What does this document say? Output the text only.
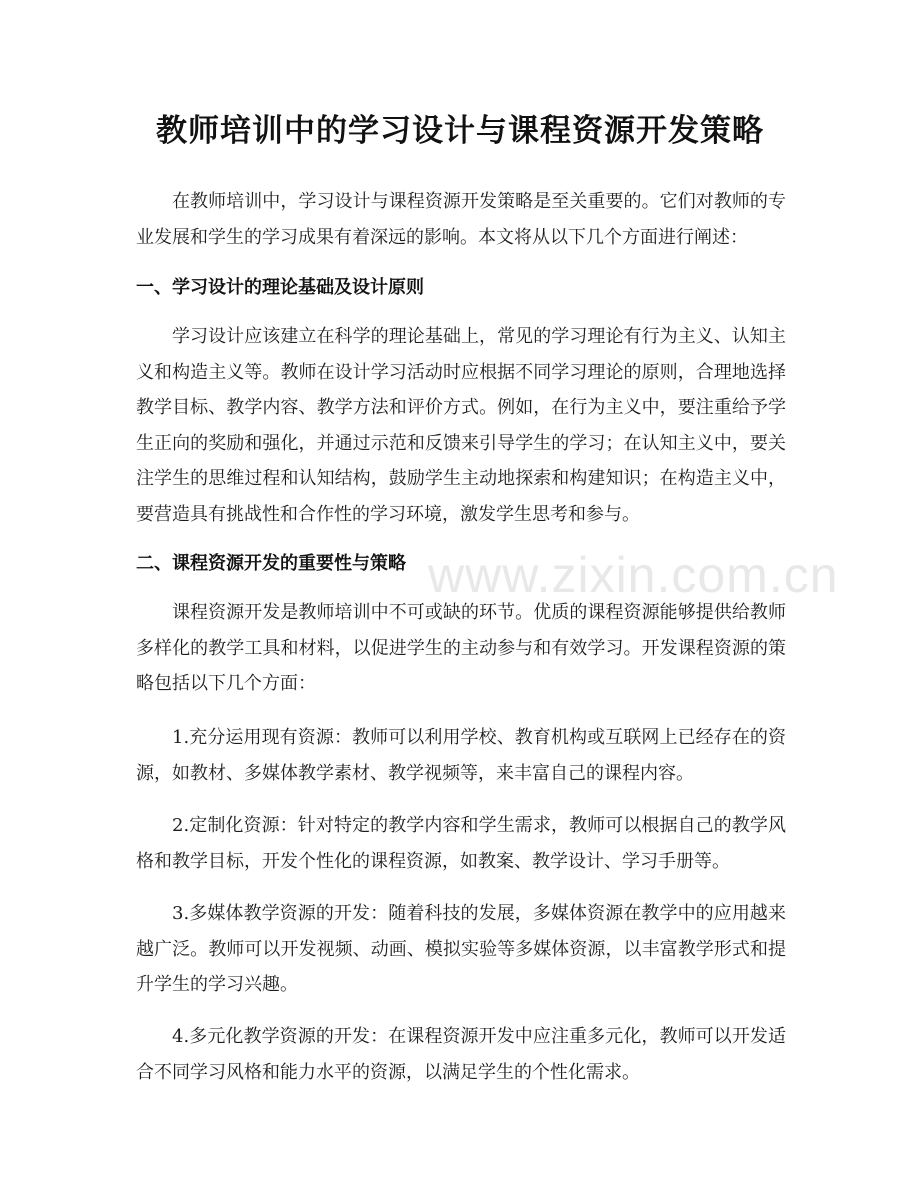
教师培训中的学习设计与课程资源开发策略

在教师培训中，学习设计与课程资源开发策略是至关重要的。它们对教师的专业发展和学生的学习成果有着深远的影响。本文将从以下几个方面进行阐述：

一、学习设计的理论基础及设计原则

学习设计应该建立在科学的理论基础上，常见的学习理论有行为主义、认知主义和构造主义等。教师在设计学习活动时应根据不同学习理论的原则，合理地选择教学目标、教学内容、教学方法和评价方式。例如，在行为主义中，要注重给予学生正向的奖励和强化，并通过示范和反馈来引导学生的学习；在认知主义中，要关注学生的思维过程和认知结构，鼓励学生主动地探索和构建知识；在构造主义中，要营造具有挑战性和合作性的学习环境，激发学生思考和参与。

二、课程资源开发的重要性与策略

课程资源开发是教师培训中不可或缺的环节。优质的课程资源能够提供给教师多样化的教学工具和材料，以促进学生的主动参与和有效学习。开发课程资源的策略包括以下几个方面：

1.充分运用现有资源：教师可以利用学校、教育机构或互联网上已经存在的资源，如教材、多媒体教学素材、教学视频等，来丰富自己的课程内容。

2.定制化资源：针对特定的教学内容和学生需求，教师可以根据自己的教学风格和教学目标，开发个性化的课程资源，如教案、教学设计、学习手册等。

3.多媒体教学资源的开发：随着科技的发展，多媒体资源在教学中的应用越来越广泛。教师可以开发视频、动画、模拟实验等多媒体资源，以丰富教学形式和提升学生的学习兴趣。

4.多元化教学资源的开发：在课程资源开发中应注重多元化，教师可以开发适合不同学习风格和能力水平的资源，以满足学生的个性化需求。

www.zixin.com.cn
